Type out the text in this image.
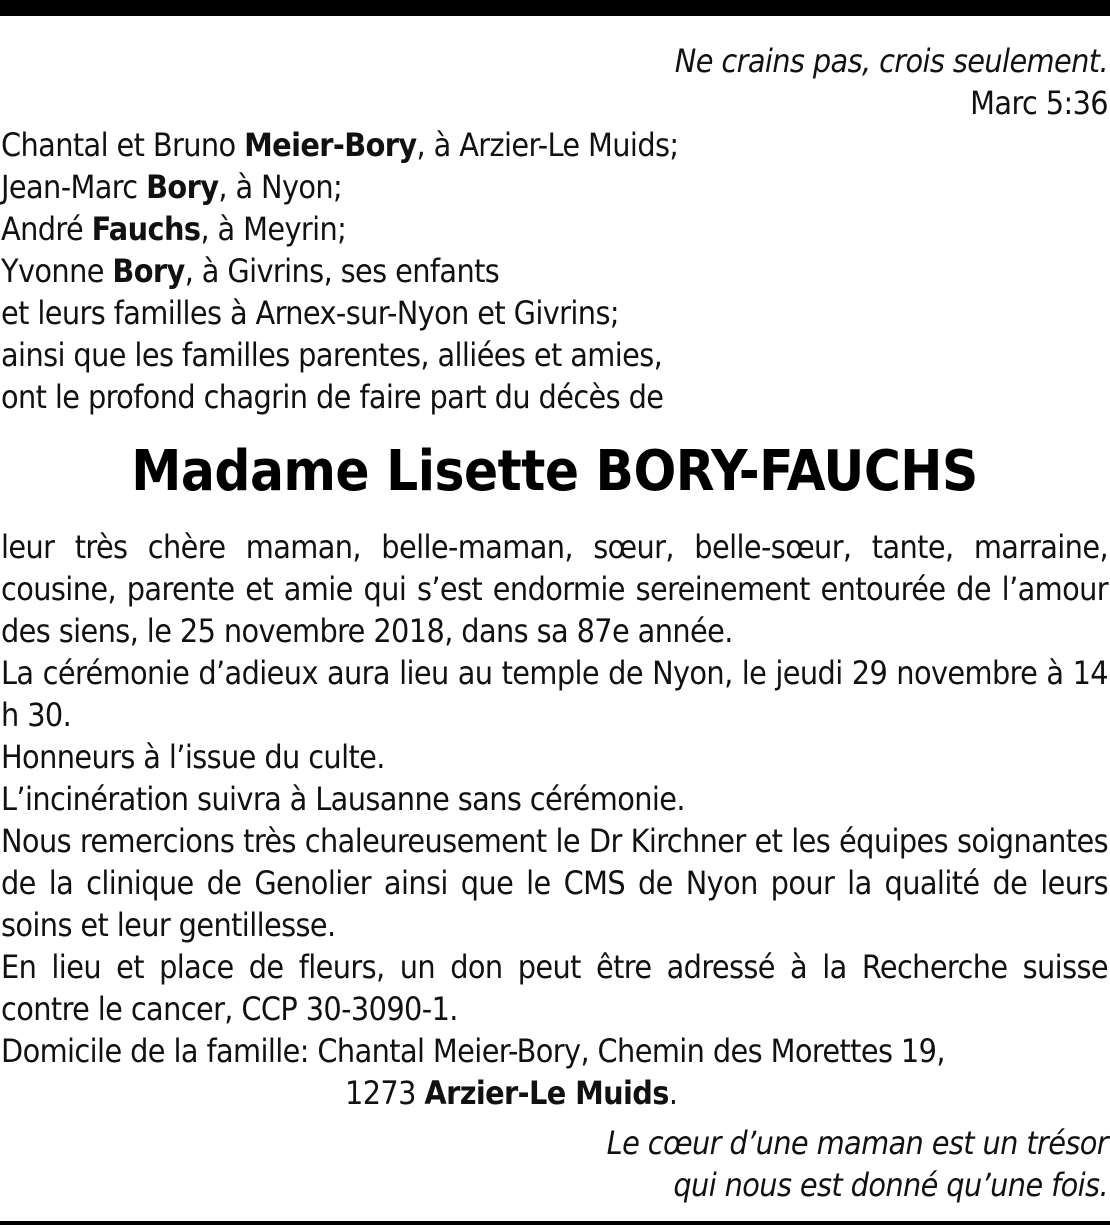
Ne crains pas, crois seulement.
Marc 5:36
Chantal et Bruno Meier-Bory, à Arzier-Le Muids;
Jean-Marc Bory, à Nyon;
André Fauchs, à Meyrin;
Yvonne Bory, à Givrins, ses enfants
et leurs familles à Arnex-sur-Nyon et Givrins;
ainsi que les familles parentes, alliées et amies,
ont le profond chagrin de faire part du décès de
Madame Lisette BORY-FAUCHS
leur très chère maman, belle-maman, sœur, belle-sœur, tante, marraine, cousine, parente et amie qui s’est endormie sereinement entourée de l’amour des siens, le 25 novembre 2018, dans sa 87e année.
La cérémonie d’adieux aura lieu au temple de Nyon, le jeudi 29 novembre à 14 h 30.
Honneurs à l’issue du culte.
L’incinération suivra à Lausanne sans cérémonie.
Nous remercions très chaleureusement le Dr Kirchner et les équipes soignantes de la clinique de Genolier ainsi que le CMS de Nyon pour la qualité de leurs soins et leur gentillesse.
En lieu et place de fleurs, un don peut être adressé à la Recherche suisse contre le cancer, CCP 30-3090-1.
Domicile de la famille: Chantal Meier-Bory, Chemin des Morettes 19,
1273 Arzier-Le Muids.
Le cœur d’une maman est un trésor
qui nous est donné qu’une fois.
